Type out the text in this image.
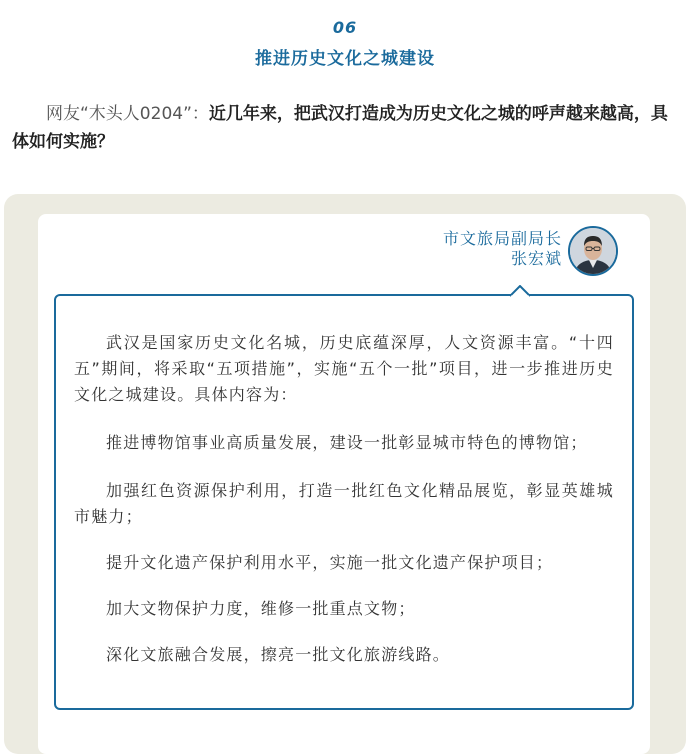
06
推进历史文化之城建设
网友“木头人0204”：近几年来，把武汉打造成为历史文化之城的呼声越来越高，具体如何实施？
市文旅局副局长
张宏斌

武汉是国家历史文化名城，历史底蕴深厚，人文资源丰富。“十四五”期间，将采取“五项措施”，实施“五个一批”项目，进一步推进历史文化之城建设。具体内容为：

推进博物馆事业高质量发展，建设一批彰显城市特色的博物馆；

加强红色资源保护利用，打造一批红色文化精品展览，彰显英雄城市魅力；

提升文化遗产保护利用水平，实施一批文化遗产保护项目；

加大文物保护力度，维修一批重点文物；

深化文旅融合发展，擦亮一批文化旅游线路。
